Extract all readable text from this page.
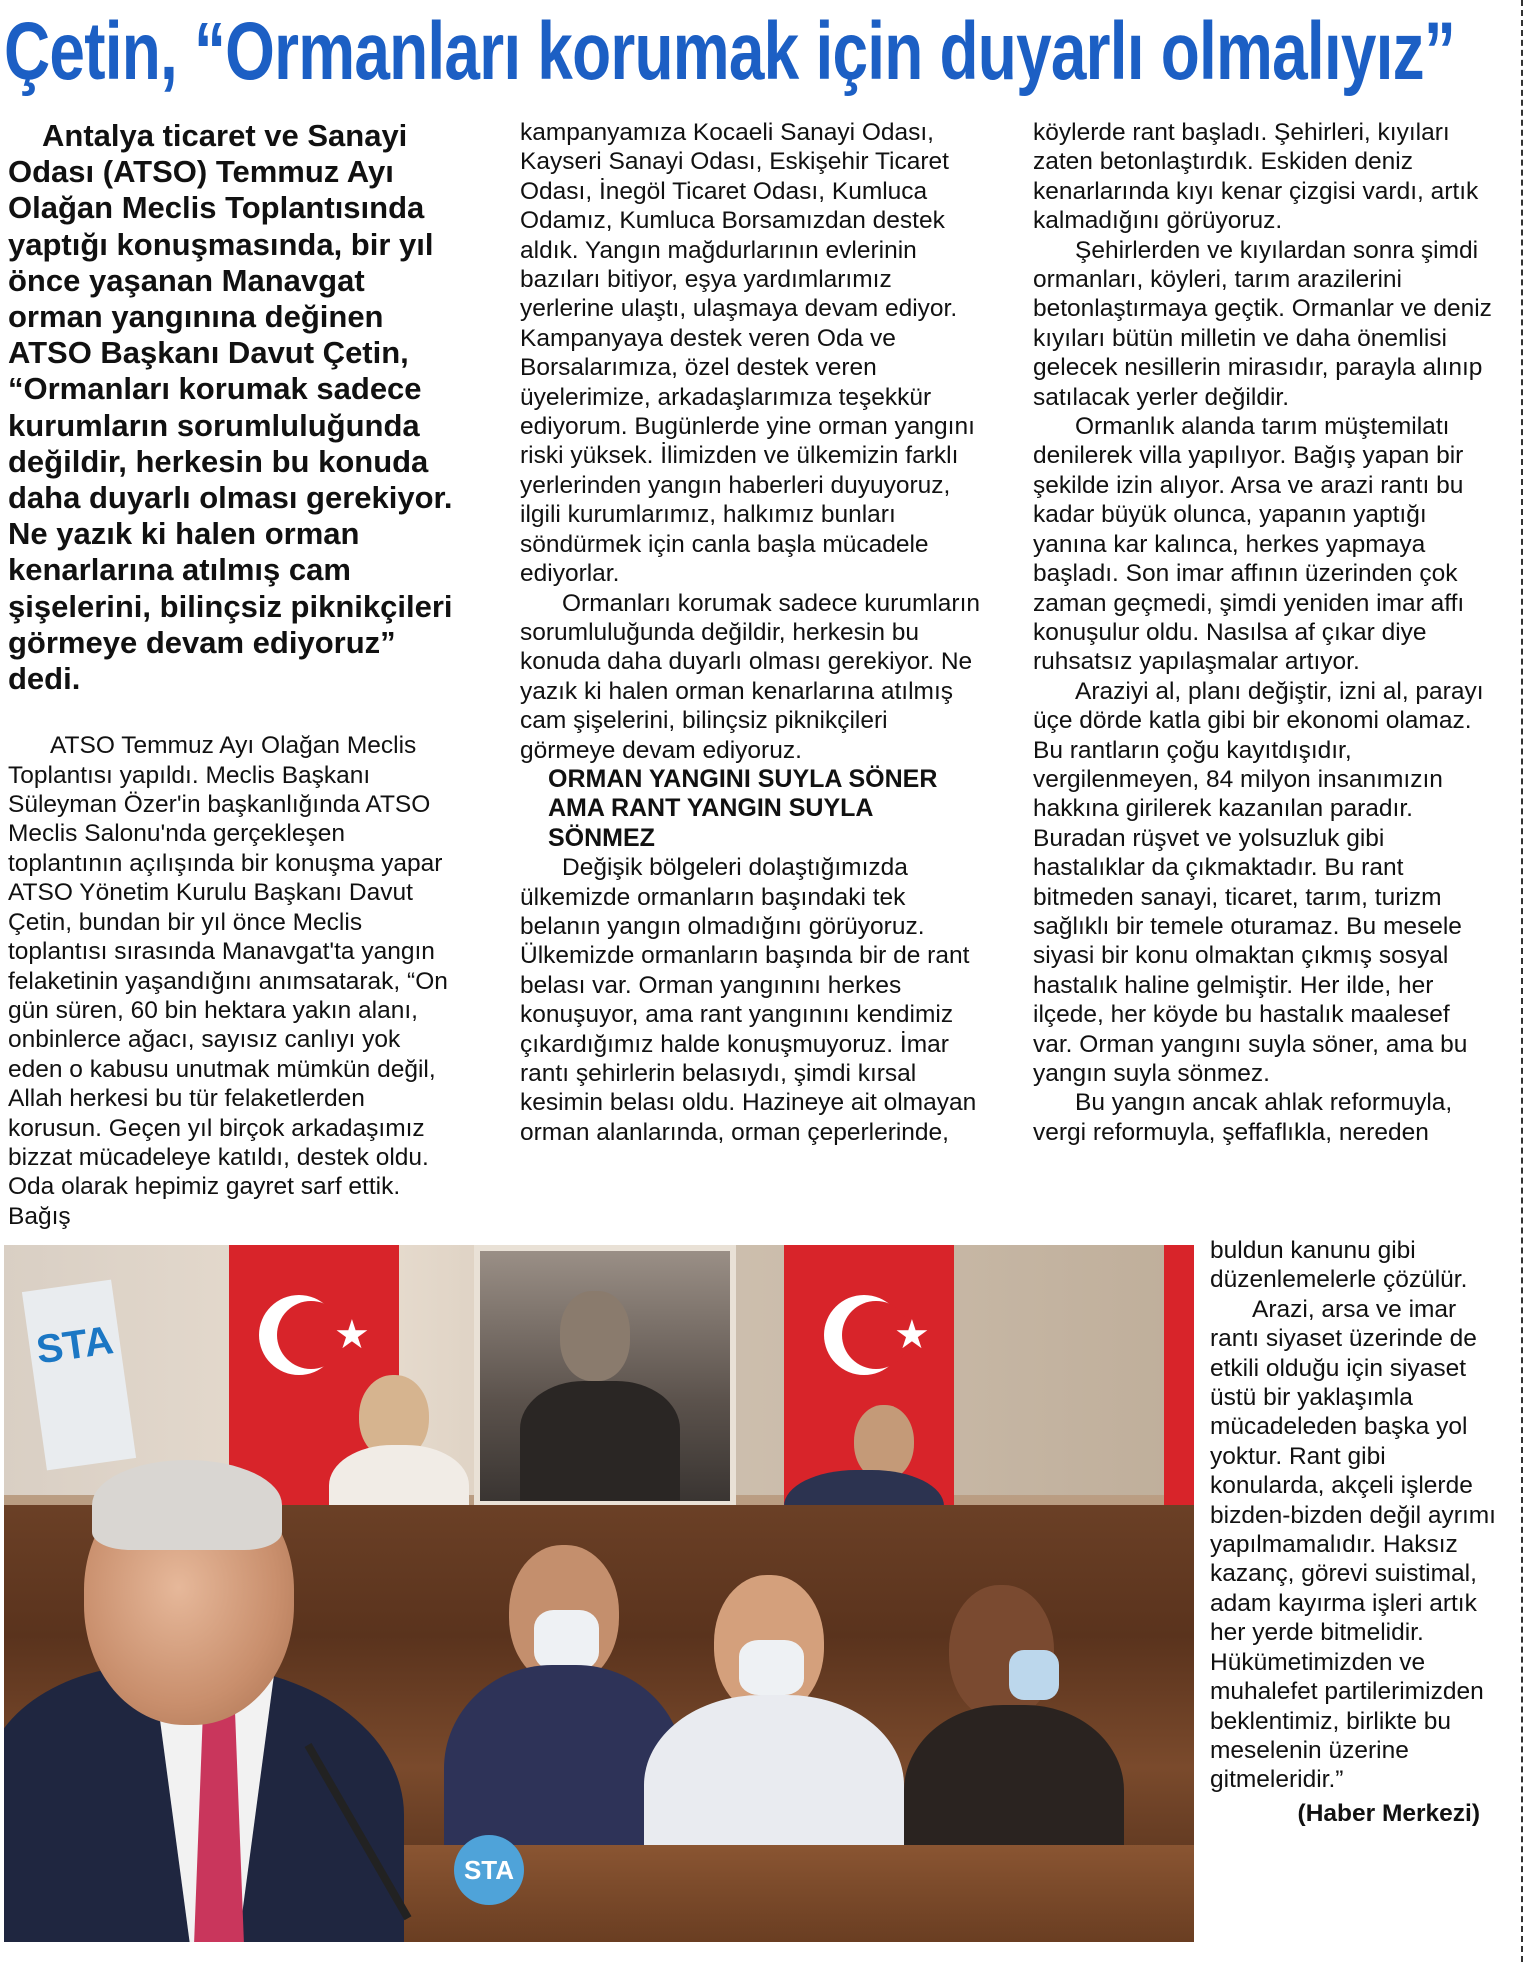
Çetin, “Ormanları korumak için duyarlı olmalıyız”

Antalya ticaret ve Sanayi Odası (ATSO) Temmuz Ayı Olağan Meclis Toplantısında yaptığı konuşmasında, bir yıl önce yaşanan Manavgat orman yangınına değinen ATSO Başkanı Davut Çetin, “Ormanları korumak sadece kurumların sorumluluğunda değildir, herkesin bu konuda daha duyarlı olması gerekiyor. Ne yazık ki halen orman kenarlarına atılmış cam şişelerini, bilinçsiz piknikçileri görmeye devam ediyoruz” dedi.

ATSO Temmuz Ayı Olağan Meclis Toplantısı yapıldı. Meclis Başkanı Süleyman Özer'in başkanlığında ATSO Meclis Salonu'nda gerçekleşen toplantının açılışında bir konuşma yapar ATSO Yönetim Kurulu Başkanı Davut Çetin, bundan bir yıl önce Meclis toplantısı sırasında Manavgat'ta yangın felaketinin yaşandığını anımsatarak, “On gün süren, 60 bin hektara yakın alanı, onbinlerce ağacı, sayısız canlıyı yok eden o kabusu unutmak mümkün değil, Allah herkesi bu tür felaketlerden korusun. Geçen yıl birçok arkadaşımız bizzat mücadeleye katıldı, destek oldu. Oda olarak hepimiz gayret sarf ettik. Bağış

kampanyamıza Kocaeli Sanayi Odası, Kayseri Sanayi Odası, Eskişehir Ticaret Odası, İnegöl Ticaret Odası, Kumluca Odamız, Kumluca Borsamızdan destek aldık. Yangın mağdurlarının evlerinin bazıları bitiyor, eşya yardımlarımız yerlerine ulaştı, ulaşmaya devam ediyor. Kampanyaya destek veren Oda ve Borsalarımıza, özel destek veren üyelerimize, arkadaşlarımıza teşekkür ediyorum. Bugünlerde yine orman yangını riski yüksek. İlimizden ve ülkemizin farklı yerlerinden yangın haberleri duyuyoruz, ilgili kurumlarımız, halkımız bunları söndürmek için canla başla mücadele ediyorlar.

Ormanları korumak sadece kurumların sorumluluğunda değildir, herkesin bu konuda daha duyarlı olması gerekiyor. Ne yazık ki halen orman kenarlarına atılmış cam şişelerini, bilinçsiz piknikçileri görmeye devam ediyoruz.

ORMAN YANGINI SUYLA SÖNER AMA RANT YANGIN SUYLA SÖNMEZ

Değişik bölgeleri dolaştığımızda ülkemizde ormanların başındaki tek belanın yangın olmadığını görüyoruz. Ülkemizde ormanların başında bir de rant belası var. Orman yangınını herkes konuşuyor, ama rant yangınını kendimiz çıkardığımız halde konuşmuyoruz. İmar rantı şehirlerin belasıydı, şimdi kırsal kesimin belası oldu. Hazineye ait olmayan orman alanlarında, orman çeperlerinde,

köylerde rant başladı. Şehirleri, kıyıları zaten betonlaştırdık. Eskiden deniz kenarlarında kıyı kenar çizgisi vardı, artık kalmadığını görüyoruz.

Şehirlerden ve kıyılardan sonra şimdi ormanları, köyleri, tarım arazilerini betonlaştırmaya geçtik. Ormanlar ve deniz kıyıları bütün milletin ve daha önemlisi gelecek nesillerin mirasıdır, parayla alınıp satılacak yerler değildir.

Ormanlık alanda tarım müştemilatı denilerek villa yapılıyor. Bağış yapan bir şekilde izin alıyor. Arsa ve arazi rantı bu kadar büyük olunca, yapanın yaptığı yanına kar kalınca, herkes yapmaya başladı. Son imar affının üzerinden çok zaman geçmedi, şimdi yeniden imar affı konuşulur oldu. Nasılsa af çıkar diye ruhsatsız yapılaşmalar artıyor.

Araziyi al, planı değiştir, izni al, parayı üçe dörde katla gibi bir ekonomi olamaz. Bu rantların çoğu kayıtdışıdır, vergilenmeyen, 84 milyon insanımızın hakkına girilerek kazanılan paradır. Buradan rüşvet ve yolsuzluk gibi hastalıklar da çıkmaktadır. Bu rant bitmeden sanayi, ticaret, tarım, turizm sağlıklı bir temele oturamaz. Bu mesele siyasi bir konu olmaktan çıkmış sosyal hastalık haline gelmiştir. Her ilde, her ilçede, her köyde bu hastalık maalesef var. Orman yangını suyla söner, ama bu yangın suyla sönmez.

Bu yangın ancak ahlak reformuyla, vergi reformuyla, şeffaflıkla, nereden

buldun kanunu gibi düzenlemelerle çözülür.

Arazi, arsa ve imar rantı siyaset üzerinde de etkili olduğu için siyaset üstü bir yaklaşımla mücadeleden başka yol yoktur. Rant gibi konularda, akçeli işlerde bizden-bizden değil ayrımı yapılmamalıdır. Haksız kazanç, görevi suistimal, adam kayırma işleri artık her yerde bitmelidir. Hükümetimizden ve muhalefet partilerimizden beklentimiz, birlikte bu meselenin üzerine gitmeleridir.”

(Haber Merkezi)

STA	★	★
STA
